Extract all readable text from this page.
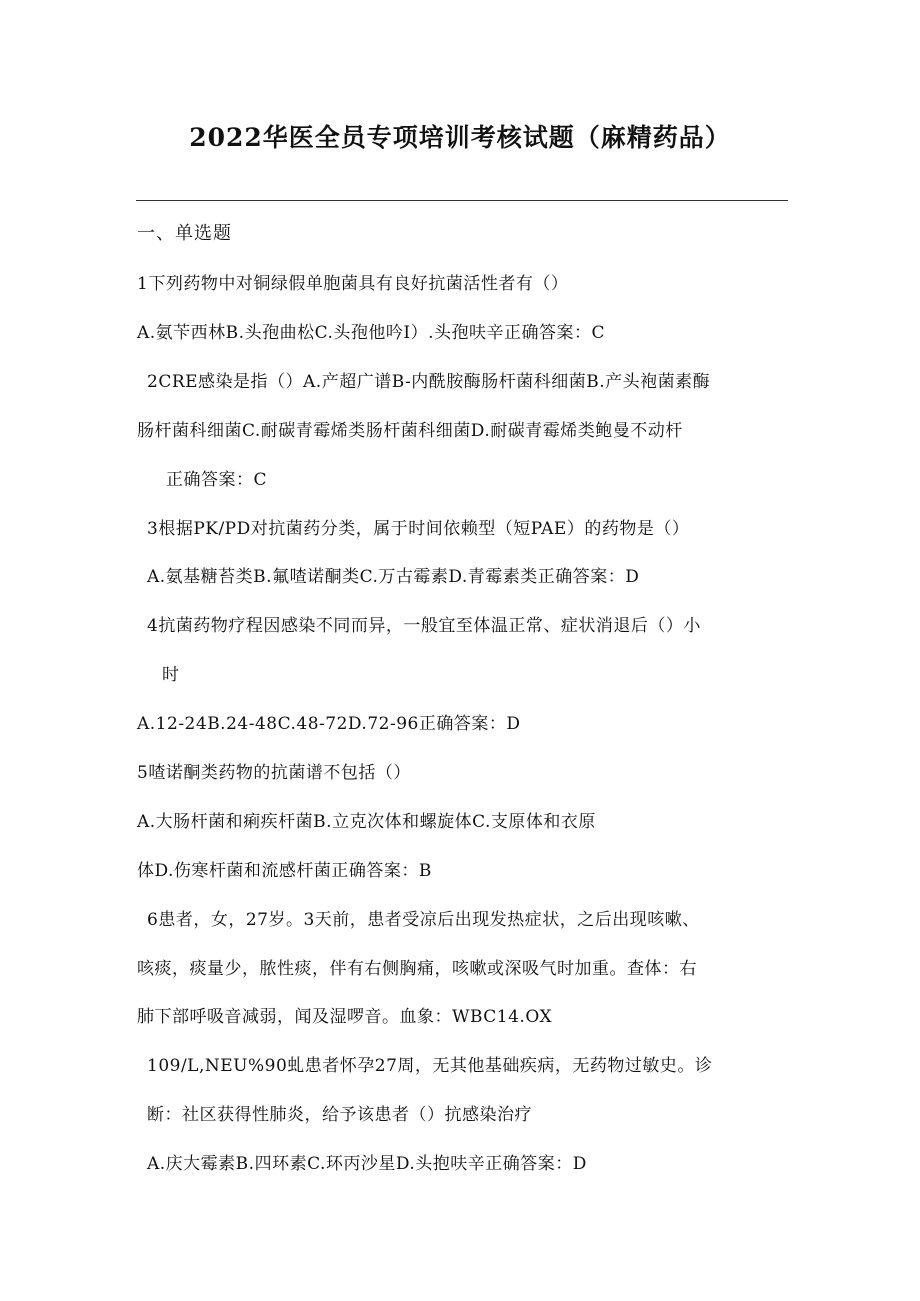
2022华医全员专项培训考核试题（麻精药品）
一、单选题
1下列药物中对铜绿假单胞菌具有良好抗菌活性者有（）
A.氨苄西林B.头孢曲松C.头孢他吟I）.头孢呋辛正确答案：C
2CRE感染是指（）A.产超广谱B-内酰胺酶肠杆菌科细菌B.产头袍菌素酶
肠杆菌科细菌C.耐碳青霉烯类肠杆菌科细菌D.耐碳青霉烯类鲍曼不动杆
正确答案：C
3根据PK/PD对抗菌药分类，属于时间依赖型（短PAE）的药物是（）
A.氨基糖苔类B.氟喳诺酮类C.万古霉素D.青霉素类正确答案：D
4抗菌药物疗程因感染不同而异，一般宜至体温正常、症状消退后（）小
时
A.12-24B.24-48C.48-72D.72-96正确答案：D
5喳诺酮类药物的抗菌谱不包括（）
A.大肠杆菌和痢疾杆菌B.立克次体和螺旋体C.支原体和衣原
体D.伤寒杆菌和流感杆菌正确答案：B
6患者，女，27岁。3天前，患者受凉后出现发热症状，之后出现咳嗽、
咳痰，痰量少，脓性痰，伴有右侧胸痛，咳嗽或深吸气时加重。查体：右
肺下部呼吸音减弱，闻及湿啰音。血象：WBC14.OX
109/L,NEU%90虬患者怀孕27周，无其他基础疾病，无药物过敏史。诊
断：社区获得性肺炎，给予该患者（）抗感染治疗
A.庆大霉素B.四环素C.环丙沙星D.头抱呋辛正确答案：D
